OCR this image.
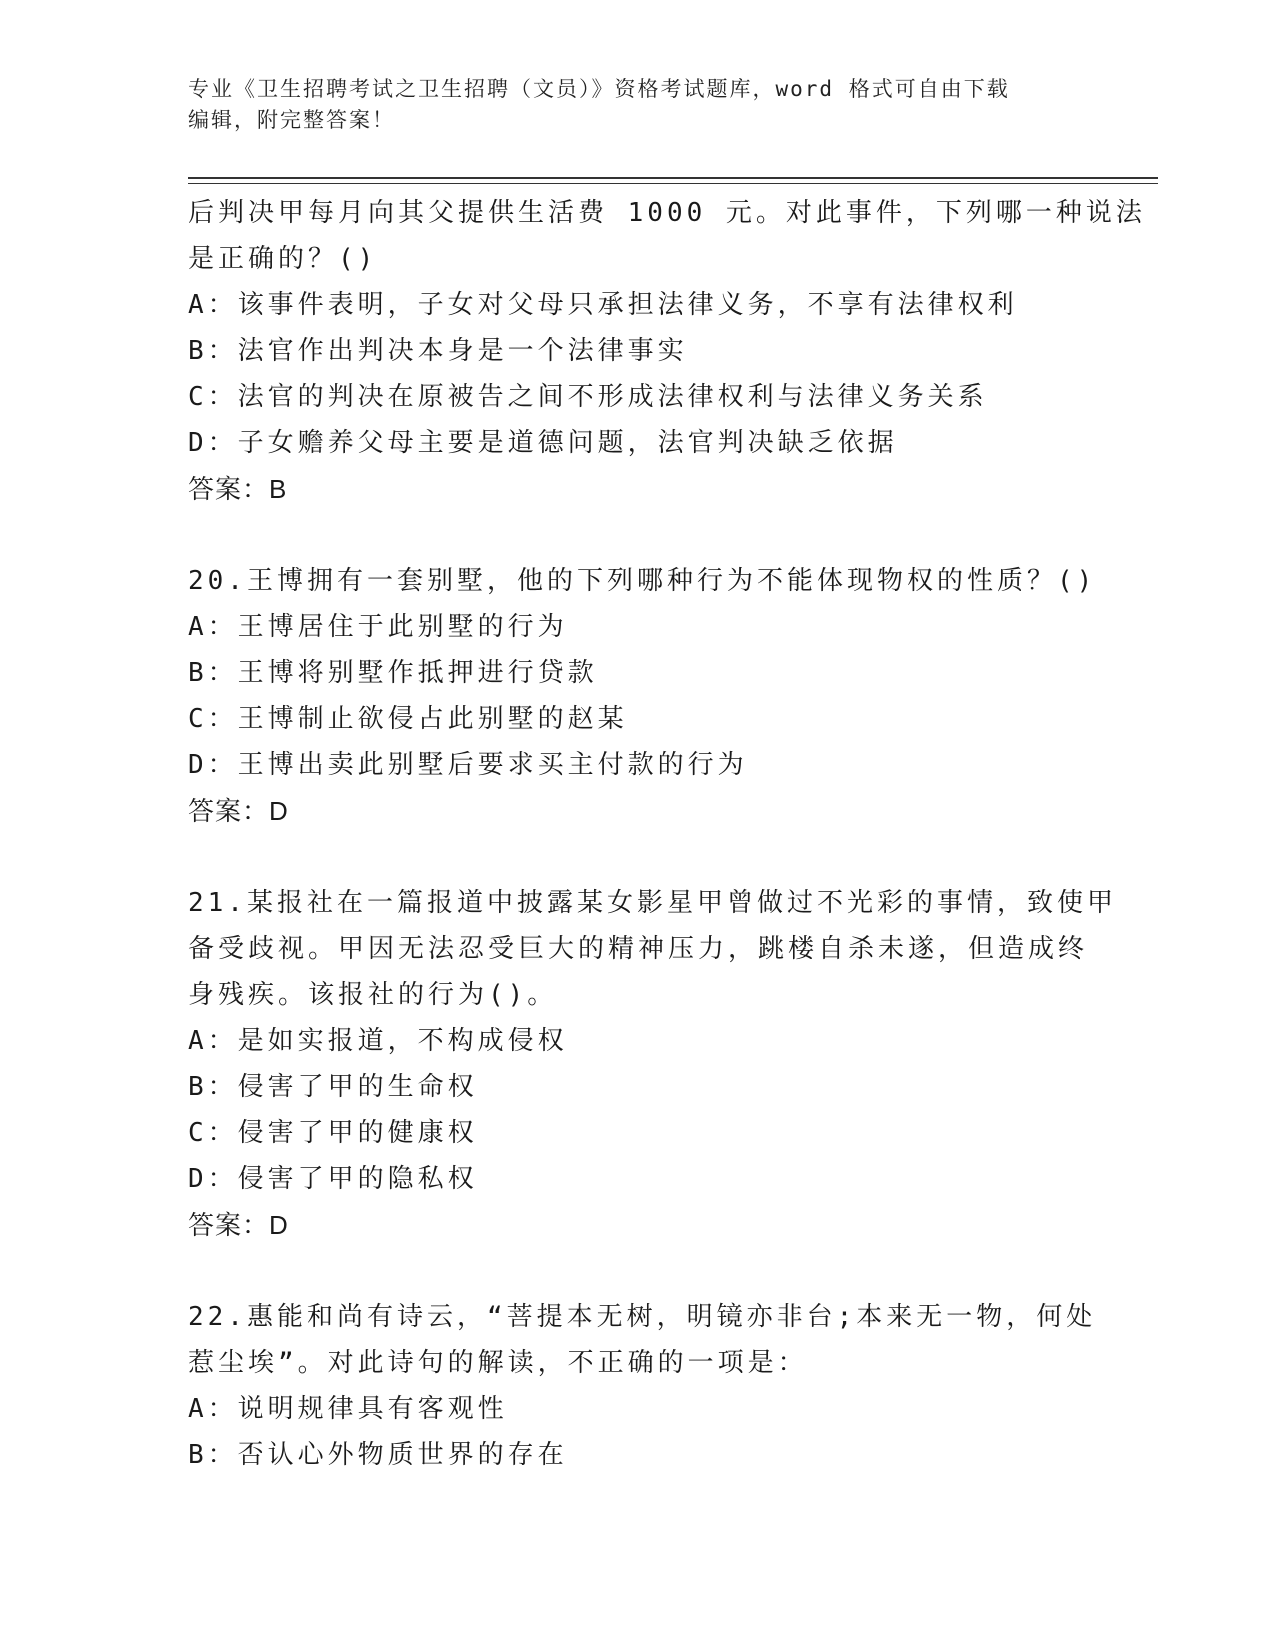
专业《卫生招聘考试之卫生招聘（文员）》资格考试题库，word 格式可自由下载
编辑，附完整答案！
后判决甲每月向其父提供生活费 1000 元。对此事件，下列哪一种说法
是正确的？()
A：该事件表明，子女对父母只承担法律义务，不享有法律权利
B：法官作出判决本身是一个法律事实
C：法官的判决在原被告之间不形成法律权利与法律义务关系
D：子女赡养父母主要是道德问题，法官判决缺乏依据
答案：B
20.王博拥有一套别墅，他的下列哪种行为不能体现物权的性质？()
A：王博居住于此别墅的行为
B：王博将别墅作抵押进行贷款
C：王博制止欲侵占此别墅的赵某
D：王博出卖此别墅后要求买主付款的行为
答案：D
21.某报社在一篇报道中披露某女影星甲曾做过不光彩的事情，致使甲
备受歧视。甲因无法忍受巨大的精神压力，跳楼自杀未遂，但造成终
身残疾。该报社的行为()。
A：是如实报道，不构成侵权
B：侵害了甲的生命权
C：侵害了甲的健康权
D：侵害了甲的隐私权
答案：D
22.惠能和尚有诗云，“菩提本无树，明镜亦非台;本来无一物，何处
惹尘埃”。对此诗句的解读，不正确的一项是：
A：说明规律具有客观性
B：否认心外物质世界的存在
